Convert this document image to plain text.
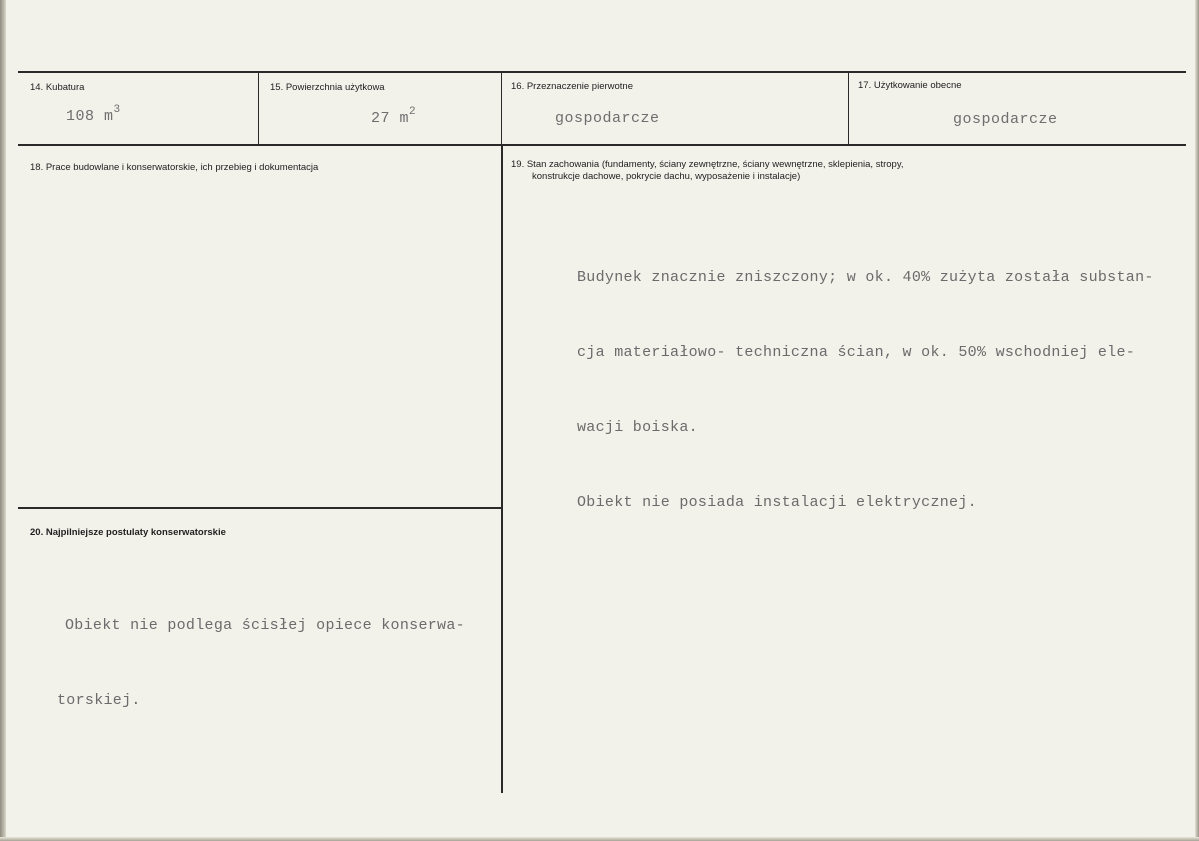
14. Kubatura
108 $m^3$
15. Powierzchnia użytkowa
27 $m^2$
16. Przeznaczenie pierwotne
gospodarcze
17. Użytkowanie obecne
gospodarcze
18. Prace budowlane i konserwatorskie, ich przebieg i dokumentacja	19. Stan zachowania (fundamenty, ściany zewnętrzne, ściany wewnętrzne, sklepienia, stropy,
konstrukcje dachowe, pokrycie dachu, wyposażenie i instalacje)

Budynek znacznie zniszczony; w ok. 40% zużyta została substan-

cja materiałowo- techniczna ścian, w ok. 50% wschodniej ele-

wacji boiska.

Obiekt nie posiada instalacji elektrycznej.

20. Najpilniejsze postulaty konserwatorskie

Obiekt nie podlega ścisłej opiece konserwa-

torskiej.
